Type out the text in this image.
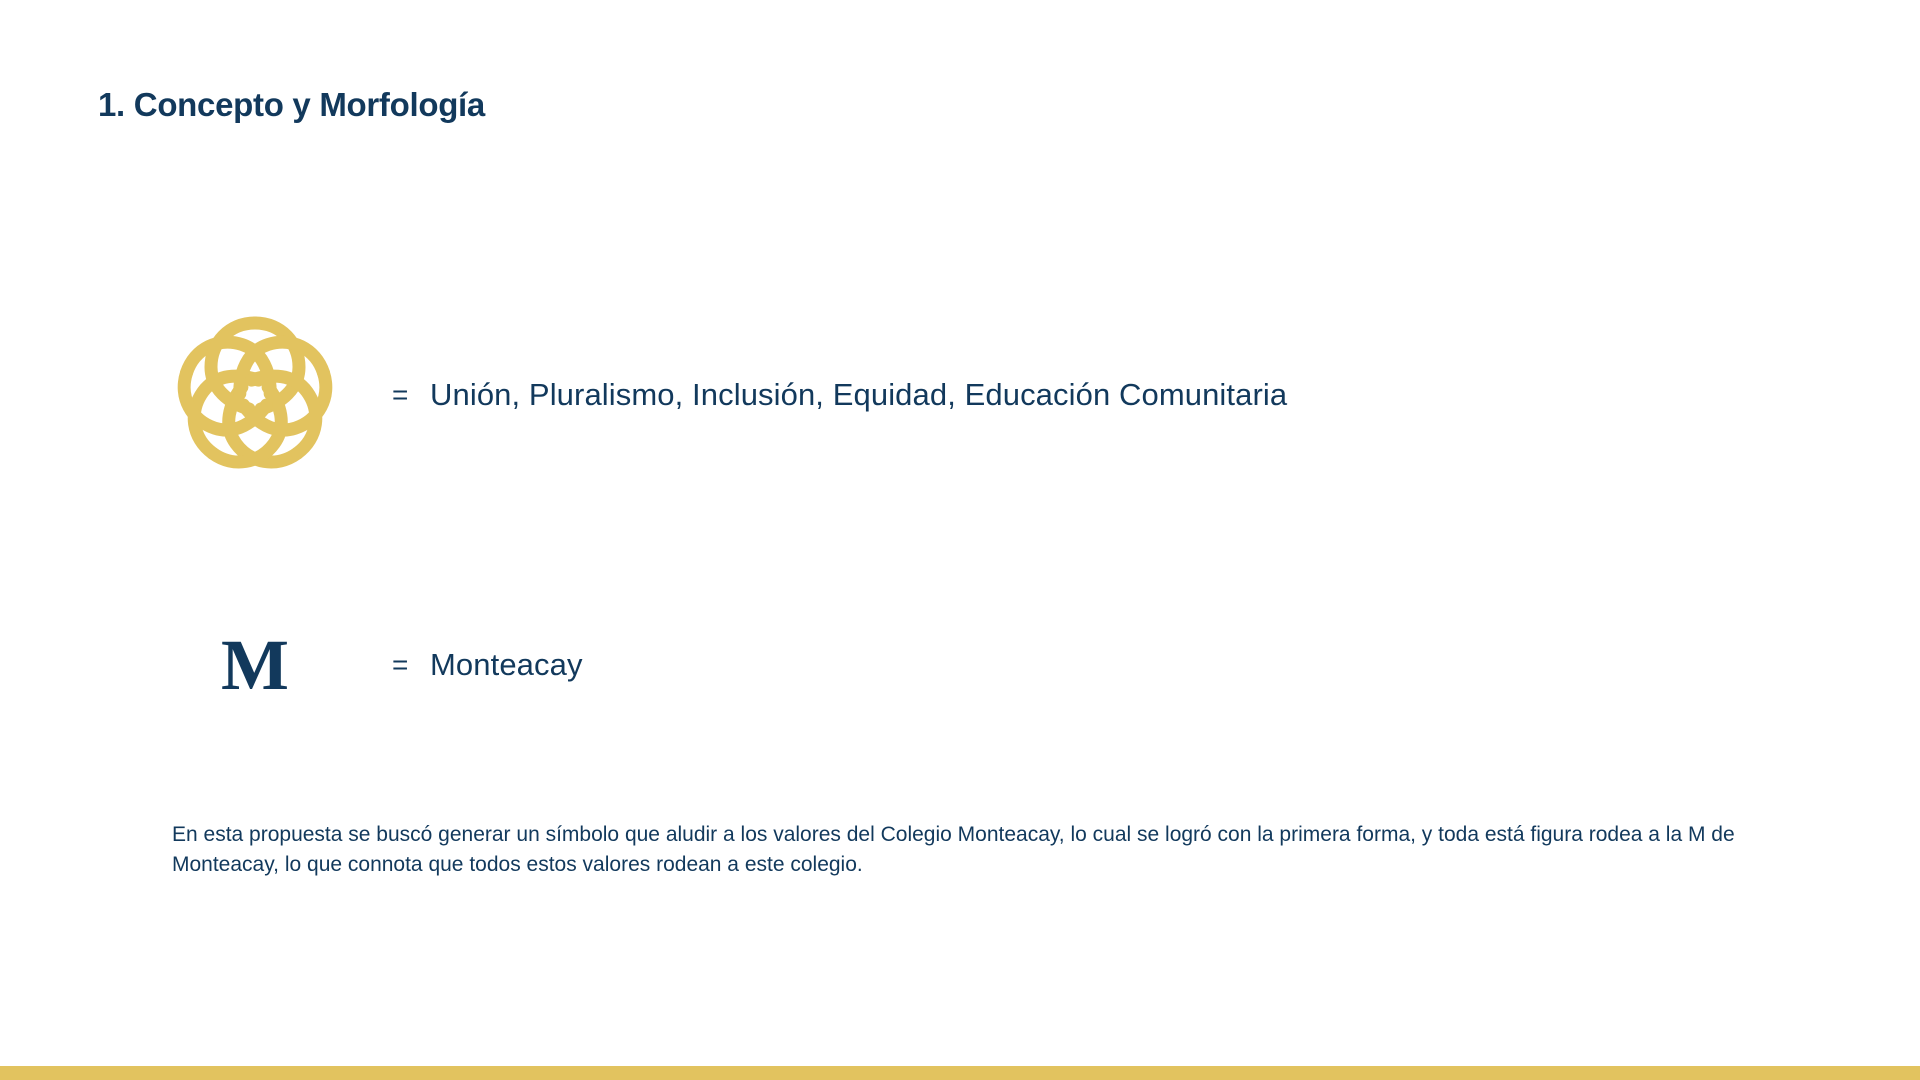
1. Concepto y Morfología
= Unión, Pluralismo, Inclusión, Equidad, Educación Comunitaria
M	= Monteacay
En esta propuesta se buscó generar un símbolo que aludir a los valores del Colegio Monteacay, lo cual se logró con la primera forma, y toda está figura rodea a la M de Monteacay, lo que connota que todos estos valores rodean a este colegio.
